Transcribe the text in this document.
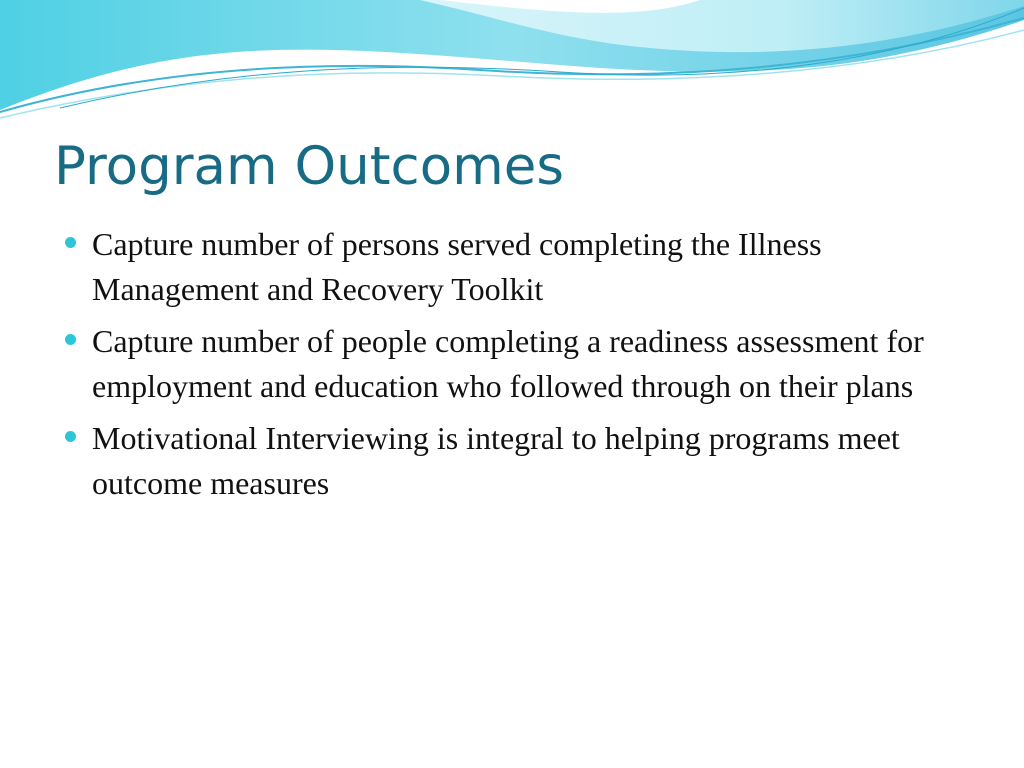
Program Outcomes
Capture number of persons served completing the Illness Management and Recovery Toolkit
Capture number of people completing a readiness assessment for employment and education who followed through on their plans
Motivational Interviewing is integral to helping programs meet outcome measures
